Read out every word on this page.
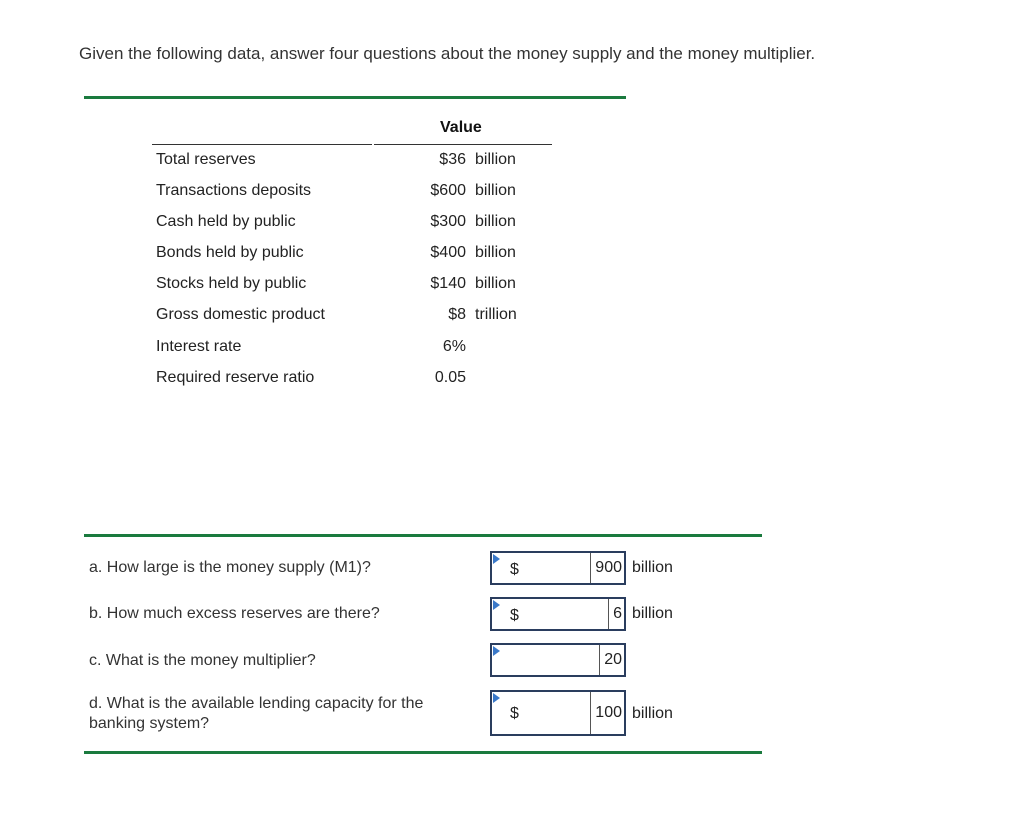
Given the following data, answer four questions about the money supply and the money multiplier.
Value
Total reserves	$36 billion
Transactions deposits	$600 billion
Cash held by public	$300 billion
Bonds held by public	$400 billion
Stocks held by public	$140 billion
Gross domestic product	$8 trillion
Interest rate	6%
Required reserve ratio	0.05
a. How large is the money supply (M1)?	$	900 billion
b. How much excess reserves are there?	$	6 billion
c. What is the money multiplier?	20
d. What is the available lending capacity for the banking system?
$	100 billion
